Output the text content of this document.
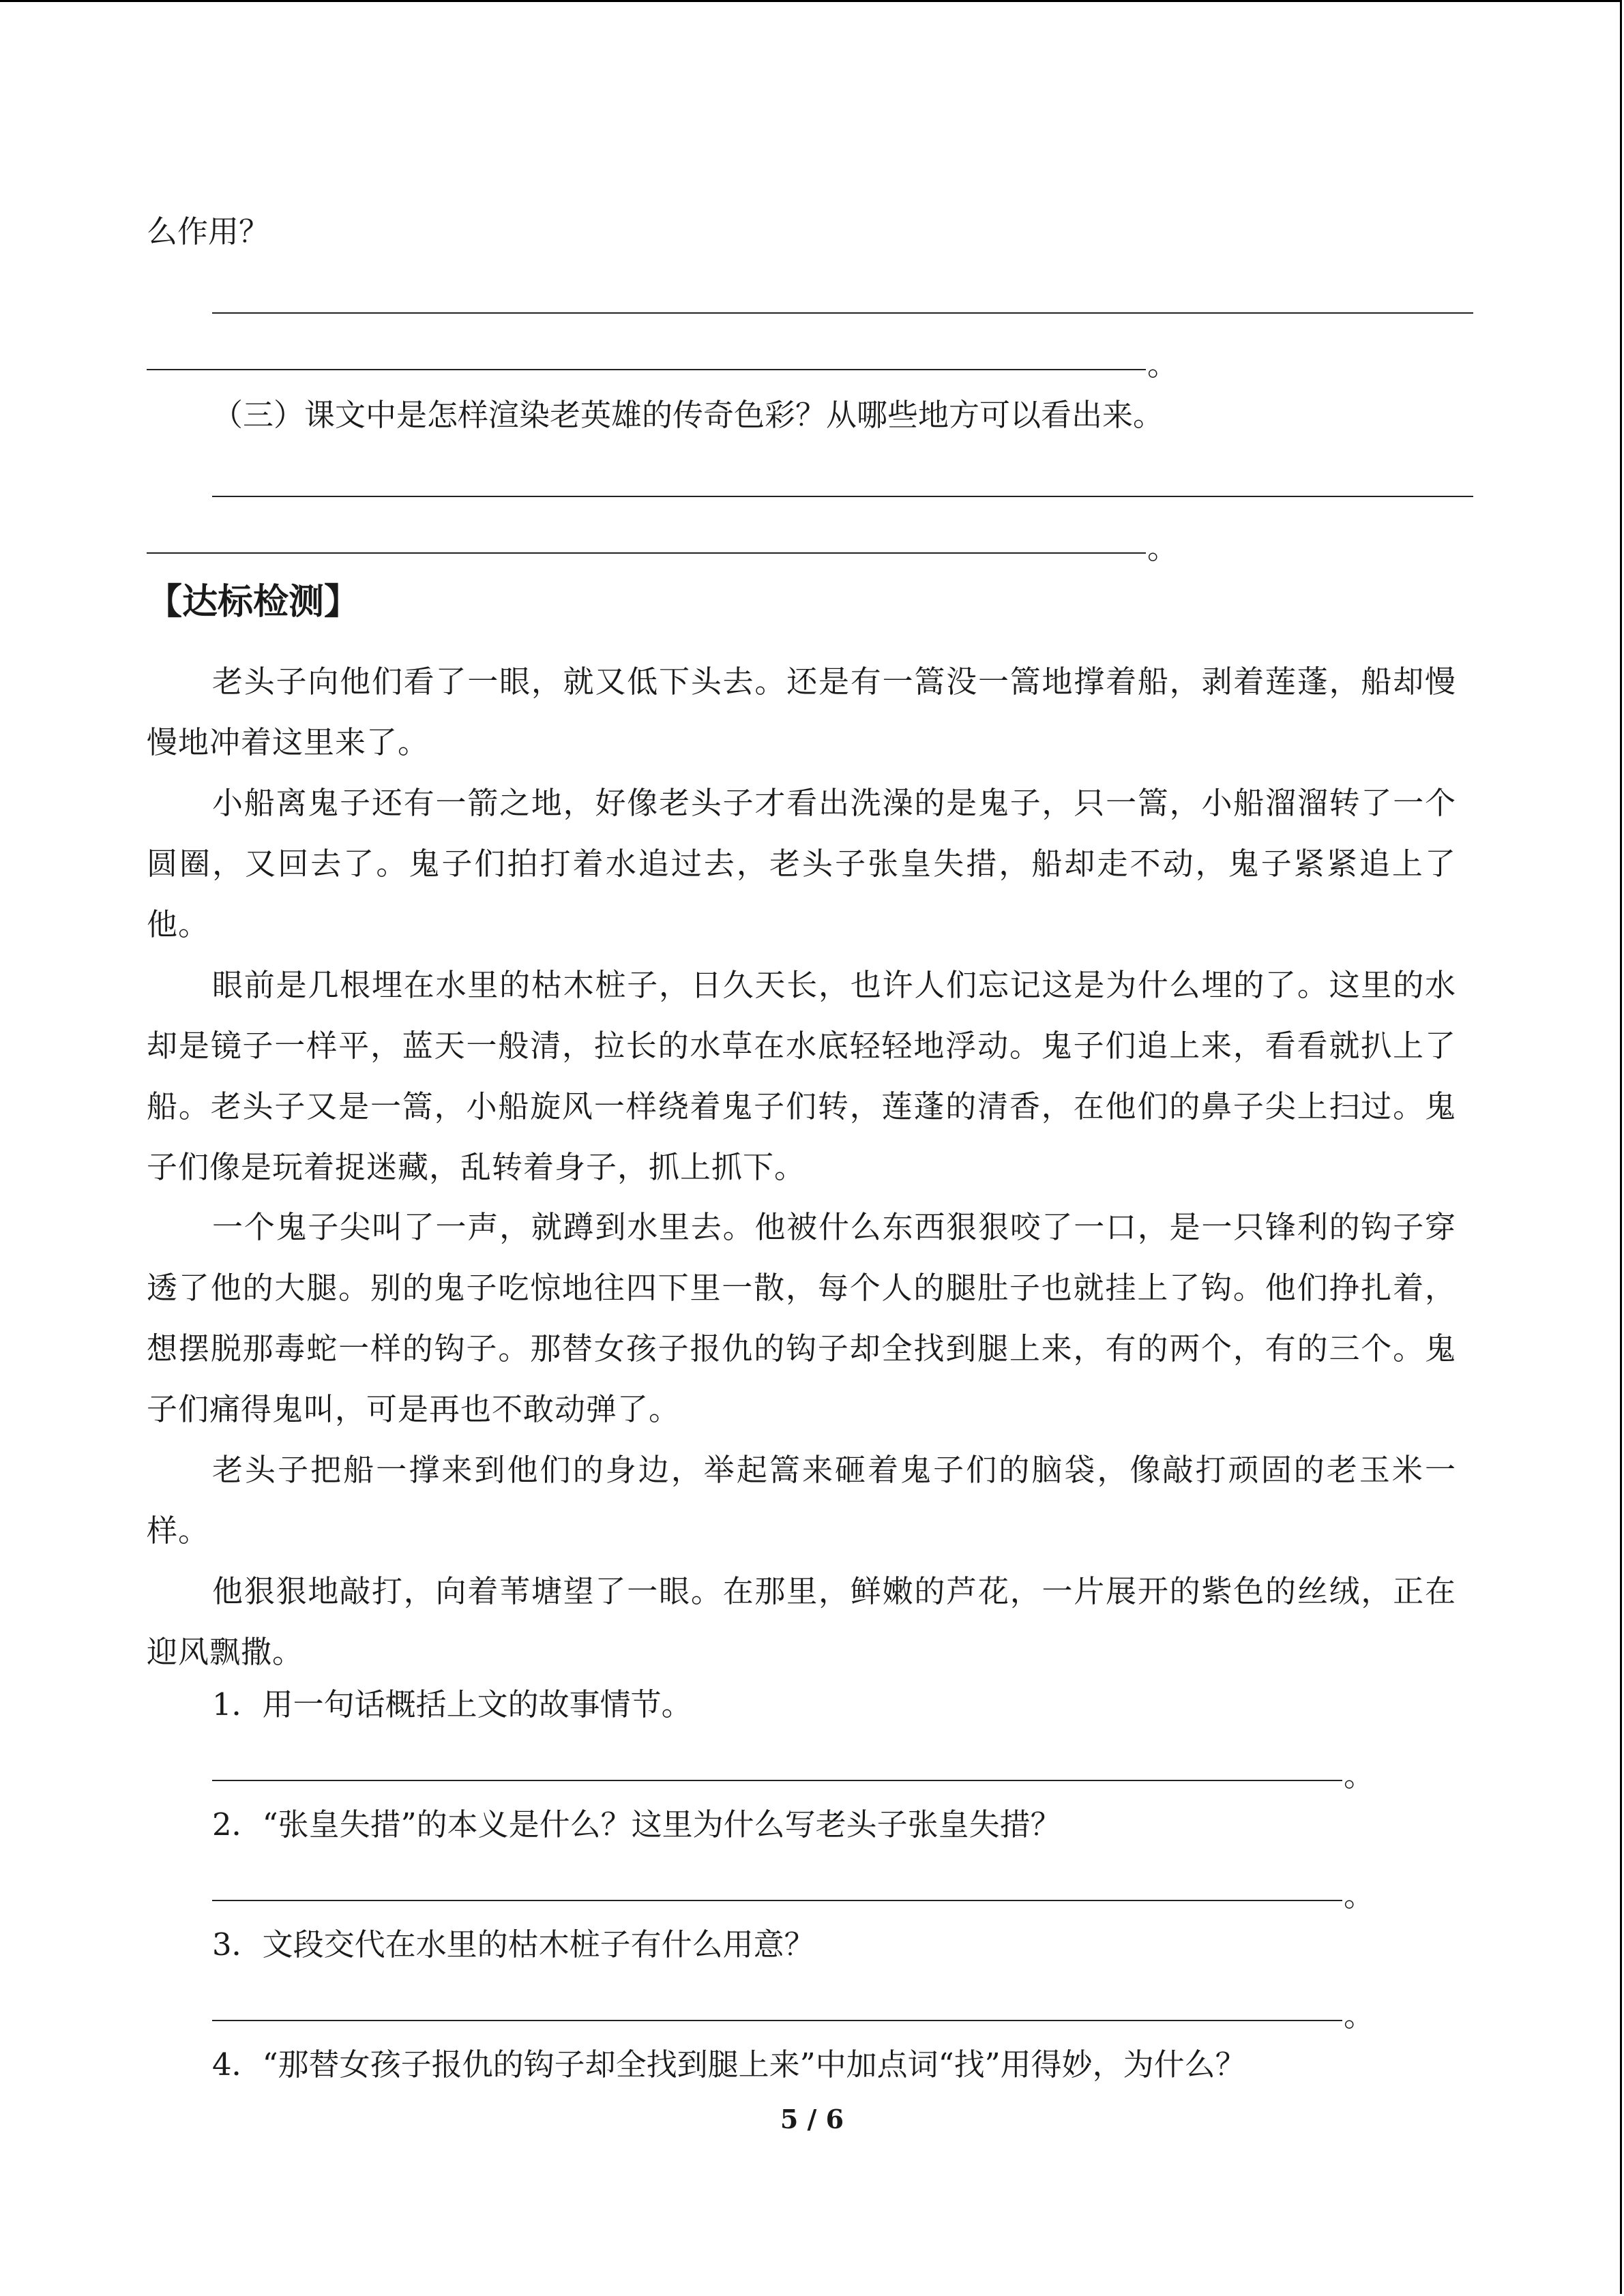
么作用？
。
（三）课文中是怎样渲染老英雄的传奇色彩？从哪些地方可以看出来。
。
【达标检测】

老头子向他们看了一眼，就又低下头去。还是有一篙没一篙地撑着船，剥着莲蓬，船却慢慢地冲着这里来了。

小船离鬼子还有一箭之地，好像老头子才看出洗澡的是鬼子，只一篙，小船溜溜转了一个圆圈，又回去了。鬼子们拍打着水追过去，老头子张皇失措，船却走不动，鬼子紧紧追上了他。

眼前是几根埋在水里的枯木桩子，日久天长，也许人们忘记这是为什么埋的了。这里的水却是镜子一样平，蓝天一般清，拉长的水草在水底轻轻地浮动。鬼子们追上来，看看就扒上了船。老头子又是一篙，小船旋风一样绕着鬼子们转，莲蓬的清香，在他们的鼻子尖上扫过。鬼子们像是玩着捉迷藏，乱转着身子，抓上抓下。

一个鬼子尖叫了一声，就蹲到水里去。他被什么东西狠狠咬了一口，是一只锋利的钩子穿透了他的大腿。别的鬼子吃惊地往四下里一散，每个人的腿肚子也就挂上了钩。他们挣扎着，想摆脱那毒蛇一样的钩子。那替女孩子报仇的钩子却全找到腿上来，有的两个，有的三个。鬼子们痛得鬼叫，可是再也不敢动弹了。

老头子把船一撑来到他们的身边，举起篙来砸着鬼子们的脑袋，像敲打顽固的老玉米一样。

他狠狠地敲打，向着苇塘望了一眼。在那里，鲜嫩的芦花，一片展开的紫色的丝绒，正在迎风飘撒。

1．用一句话概括上文的故事情节。
。
2．“张皇失措”的本义是什么？这里为什么写老头子张皇失措？
。
3．文段交代在水里的枯木桩子有什么用意？
。
4．“那替女孩子报仇的钩子却全找到腿上来”中加点词“找”用得妙，为什么？
5 / 6
